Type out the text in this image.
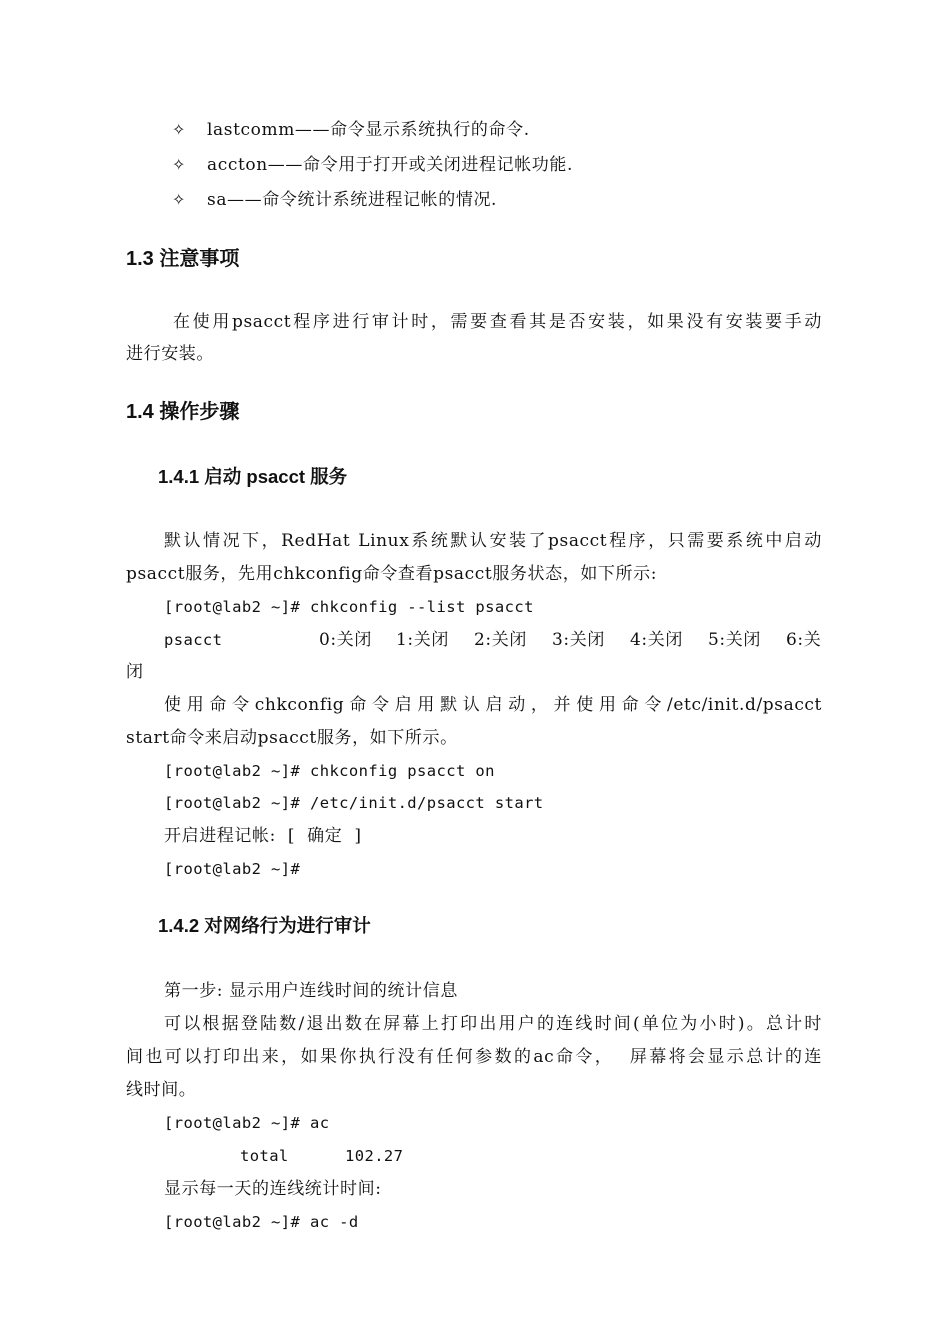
✧ lastcomm——命令显示系统执行的命令.
✧ accton——命令用于打开或关闭进程记帐功能.
✧ sa——命令统计系统进程记帐的情况.
1.3 注意事项
在使用psacct程序进行审计时，需要查看其是否安装，如果没有安装要手动
进行安装。
1.4 操作步骤
1.4.1 启动 psacct 服务
默认情况下，RedHat Linux系统默认安装了psacct程序，只需要系统中启动
psacct服务，先用chkconfig命令查看psacct服务状态，如下所示:
[root@lab2 ~]# chkconfig --list psacct
psacct	0:关闭 1:关闭 2:关闭 3:关闭 4:关闭 5:关闭 6:关
闭
使用命令chkconfig命令启用默认启动，并使用命令/etc/init.d/psacct
start命令来启动psacct服务，如下所示。
[root@lab2 ~]# chkconfig psacct on
[root@lab2 ~]# /etc/init.d/psacct start
开启进程记帐:  [  确定  ]
[root@lab2 ~]#
1.4.2 对网络行为进行审计
第一步: 显示用户连线时间的统计信息
可以根据登陆数/退出数在屏幕上打印出用户的连线时间(单位为小时)。总计时
间也可以打印出来，如果你执行没有任何参数的ac命令，  屏幕将会显示总计的连
线时间。
[root@lab2 ~]# ac
total	102.27
显示每一天的连线统计时间:
[root@lab2 ~]# ac -d
